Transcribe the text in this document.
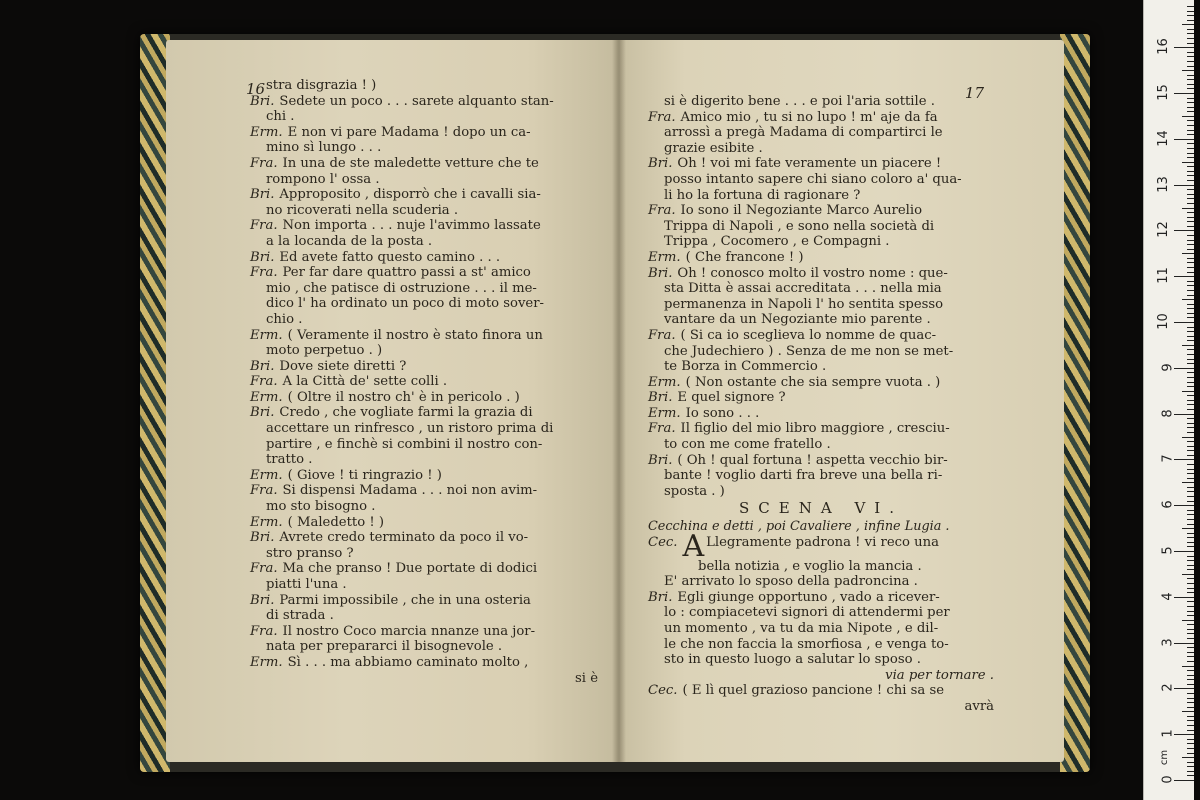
16 stra disgrazia ! )
Bri. Sedete un poco . . . sarete alquanto stan-
chi .
Erm. E non vi pare Madama ! dopo un ca-
mino sì lungo . . .
Fra. In una de ste maledette vetture che te
rompono l' ossa .
Bri. Approposito , disporrò che i cavalli sia-
no ricoverati nella scuderia .
Fra. Non importa . . . nuje l'avimmo lassate
a la locanda de la posta .
Bri. Ed avete fatto questo camino . . .
Fra. Per far dare quattro passi a st' amico
mio , che patisce di ostruzione . . . il me-
dico l' ha ordinato un poco di moto sover-
chio .
Erm. ( Veramente il nostro è stato finora un
moto perpetuo . )
Bri. Dove siete diretti ?
Fra. A la Città de' sette colli .
Erm. ( Oltre il nostro ch' è in pericolo . )
Bri. Credo , che vogliate farmi la grazia di
accettare un rinfresco , un ristoro prima di
partire , e finchè si combini il nostro con-
tratto .
Erm. ( Giove ! ti ringrazio ! )
Fra. Si dispensi Madama . . . noi non avim-
mo sto bisogno .
Erm. ( Maledetto ! )
Bri. Avrete credo terminato da poco il vo-
stro pranso ?
Fra. Ma che pranso ! Due portate di dodici
piatti l'una .
Bri. Parmi impossibile , che in una osteria
di strada .
Fra. Il nostro Coco marcia nnanze una jor-
nata per prepararci il bisognevole .
Erm. Sì . . . ma abbiamo caminato molto ,
si è
17
si è digerito bene . . . e poi l'aria sottile .
Fra. Amico mio , tu si no lupo ! m' aje da fa
arrossì a pregà Madama di compartirci le
grazie esibite .
Bri. Oh ! voi mi fate veramente un piacere !
posso intanto sapere chi siano coloro a' qua-
li ho la fortuna di ragionare ?
Fra. Io sono il Negoziante Marco Aurelio
Trippa di Napoli , e sono nella società di
Trippa , Cocomero , e Compagni .
Erm. ( Che francone ! )
Bri. Oh ! conosco molto il vostro nome : que-
sta Ditta è assai accreditata . . . nella mia
permanenza in Napoli l' ho sentita spesso
vantare da un Negoziante mio parente .
Fra. ( Si ca io sceglieva lo nomme de quac-
che Judechiero ) . Senza de me non se met-
te Borza in Commercio .
Erm. ( Non ostante che sia sempre vuota . )
Bri. E quel signore ?
Erm. Io sono . . .
Fra. Il figlio del mio libro maggiore , cresciu-
to con me come fratello .
Bri. ( Oh ! qual fortuna ! aspetta vecchio bir-
bante ! voglio darti fra breve una bella ri-
sposta . )
SCENA VI.
Cecchina e detti , poi Cavaliere , infine Lugia .
Cec. A Llegramente padrona ! vi reco una
bella notizia , e voglio la mancia .
E' arrivato lo sposo della padroncina .
Bri. Egli giunge opportuno , vado a ricever-
lo : compiacetevi signori di attendermi per
un momento , va tu da mia Nipote , e dil-
le che non faccia la smorfiosa , e venga to-
sto in questo luogo a salutar lo sposo .
via per tornare .
Cec. ( E lì quel grazioso pancione ! chi sa se
avrà
0
1
2
3
4
5
6
7
8
9
10
11
12
13
14
15
16
cm
